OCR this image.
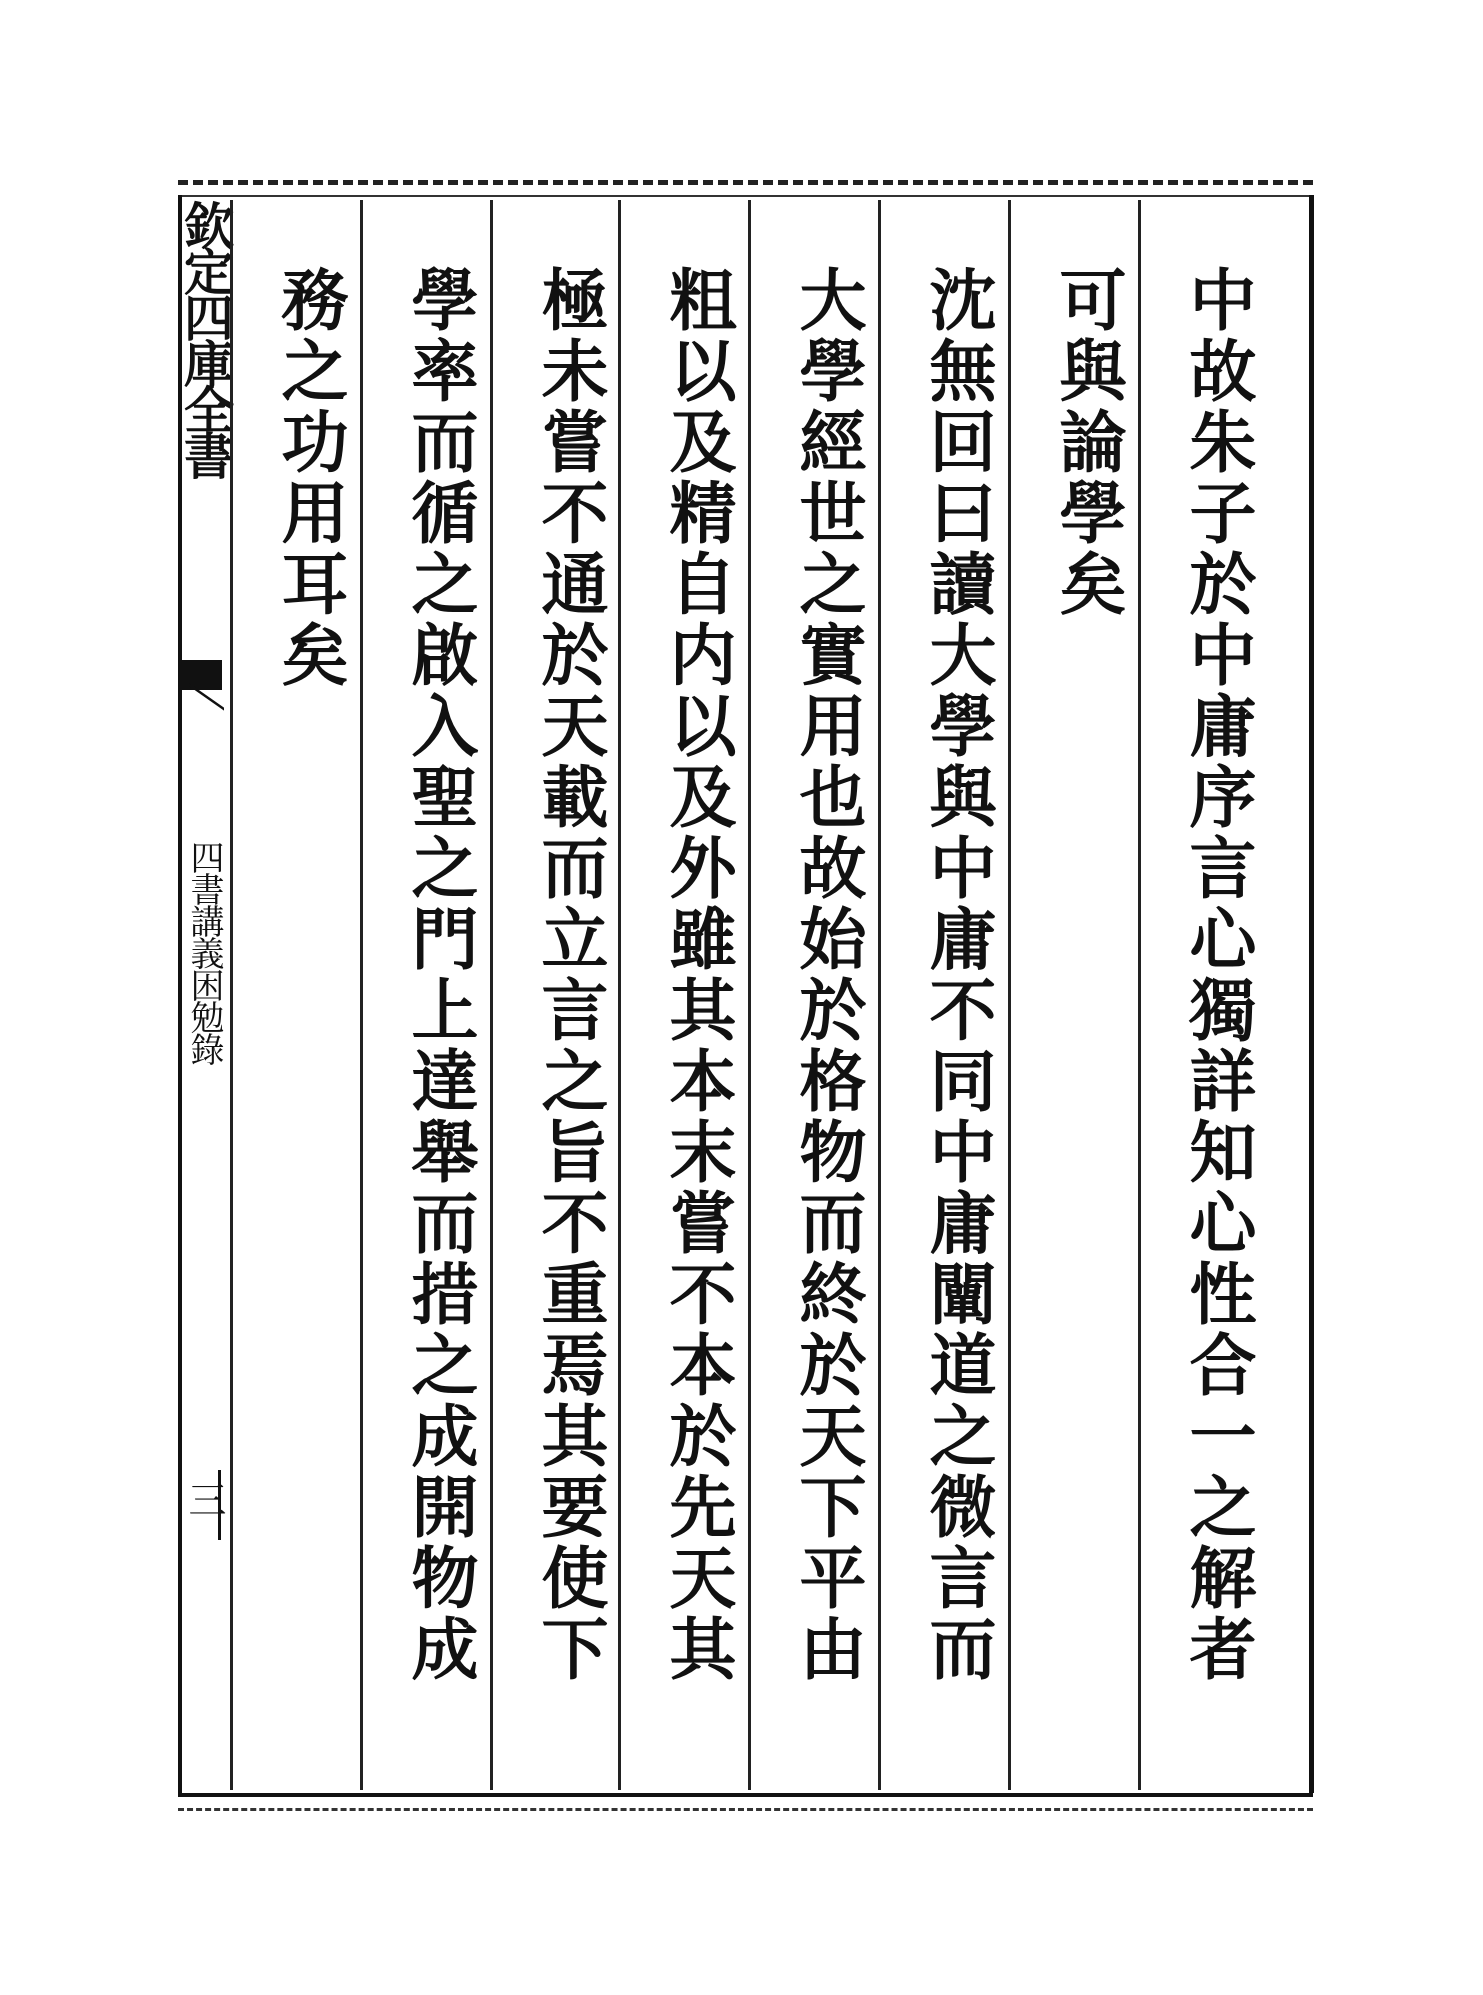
欽定四庫全書
四書講義困勉錄
三	中故朱子於中庸序言心獨詳知心性合一之解者
可與論學矣
沈無回曰讀大學與中庸不同中庸闡道之微言而
大學經世之實用也故始於格物而終於天下平由
粗以及精自内以及外雖其本末嘗不本於先天其
極未嘗不通於天載而立言之旨不重焉其要使下
學率而循之啟入聖之門上達舉而措之成開物成
務之功用耳矣
